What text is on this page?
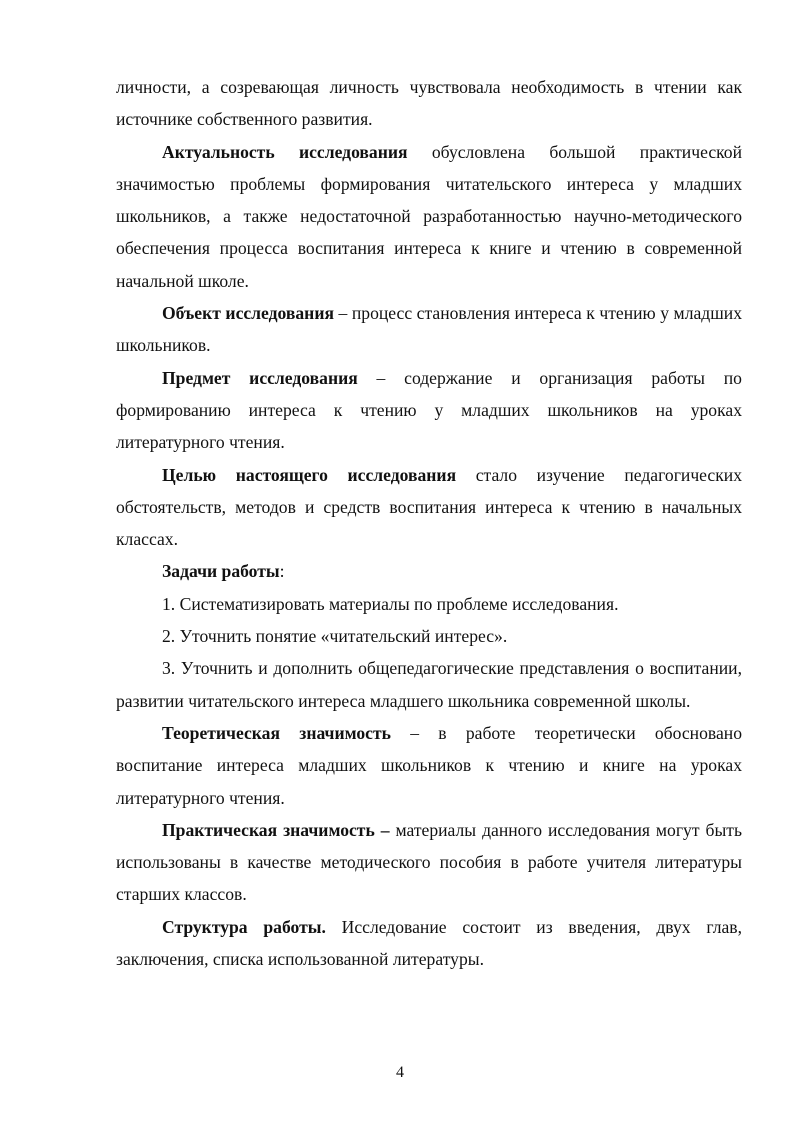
личности, а созревающая личность чувствовала необходимость в чтении как источнике собственного развития.

Актуальность исследования обусловлена большой практической значимостью проблемы формирования читательского интереса у младших школьников, а также недостаточной разработанностью научно-методического обеспечения процесса воспитания интереса к книге и чтению в современной начальной школе.

Объект исследования – процесс становления интереса к чтению у младших школьников.

Предмет исследования – содержание и организация работы по формированию интереса к чтению у младших школьников на уроках литературного чтения.

Целью настоящего исследования стало изучение педагогических обстоятельств, методов и средств воспитания интереса к чтению в начальных классах.

Задачи работы:

1. Систематизировать материалы по проблеме исследования.

2. Уточнить понятие «читательский интерес».

3. Уточнить и дополнить общепедагогические представления о воспитании, развитии читательского интереса младшего школьника современной школы.

Теоретическая значимость – в работе теоретически обосновано воспитание интереса младших школьников к чтению и книге на уроках литературного чтения.

Практическая значимость – материалы данного исследования могут быть использованы в качестве методического пособия в работе учителя литературы старших классов.

Структура работы. Исследование состоит из введения, двух глав, заключения, списка использованной литературы.

4
